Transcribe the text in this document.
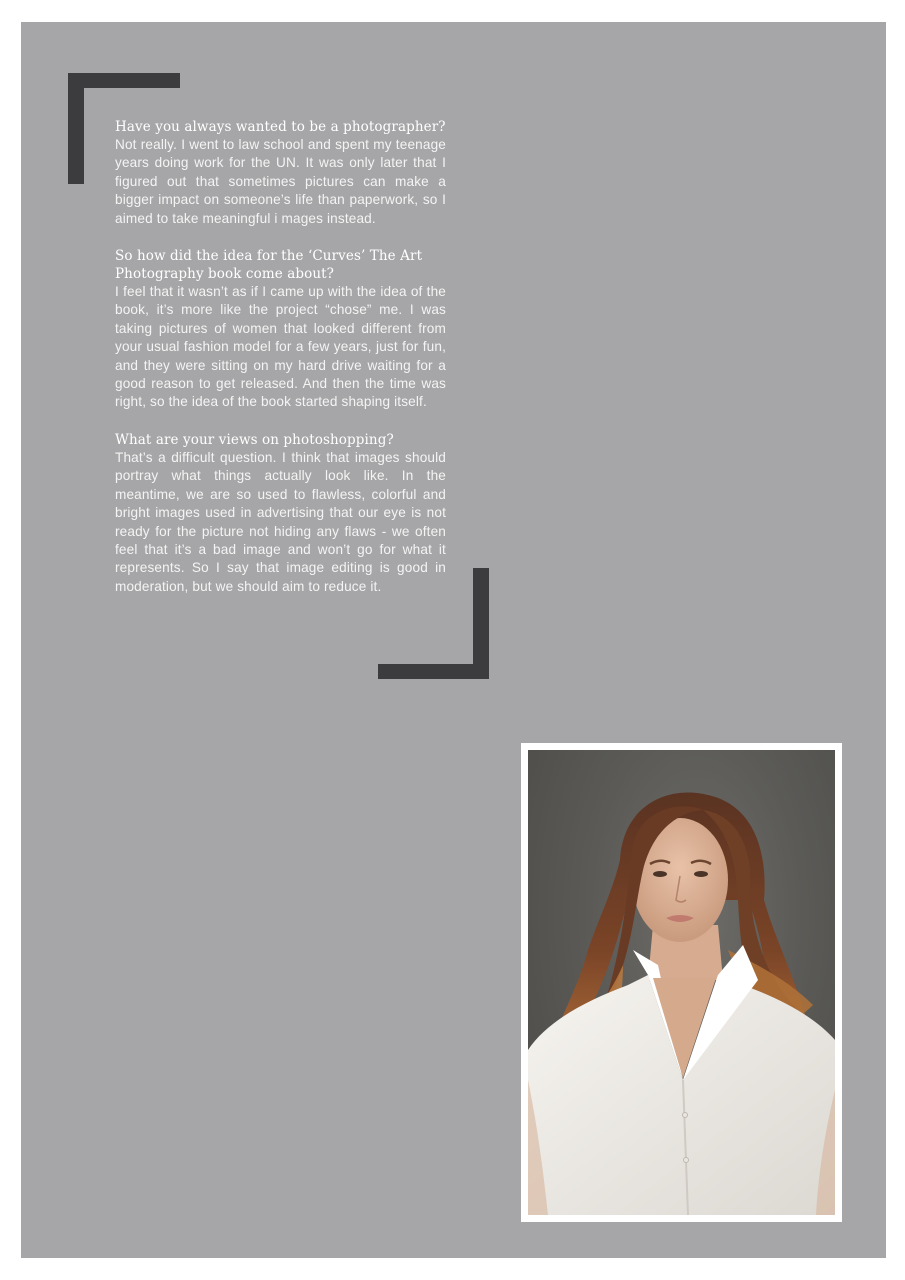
Have you always wanted to be a photographer?

Not really. I went to law school and spent my teenage years doing work for the UN. It was only later that I figured out that sometimes pictures can make a bigger impact on someone’s life than paperwork, so I aimed to take meaningful i mages instead.

So how did the idea for the ‘Curves’ The Art Photography book come about?

I feel that it wasn’t as if I came up with the idea of the book, it’s more like the project “chose” me. I was taking pictures of women that looked different from your usual fashion model for a few years, just for fun, and they were sitting on my hard drive waiting for a good reason to get released. And then the time was right, so the idea of the book started shaping itself.

What are your views on photoshopping?

That’s a difficult question. I think that images should portray what things actually look like. In the meantime, we are so used to flawless, colorful and bright images used in advertising that our eye is not ready for the picture not hiding any flaws - we often feel that it’s a bad image and won’t go for what it represents. So I say that image editing is good in moderation, but we should aim to reduce it.
